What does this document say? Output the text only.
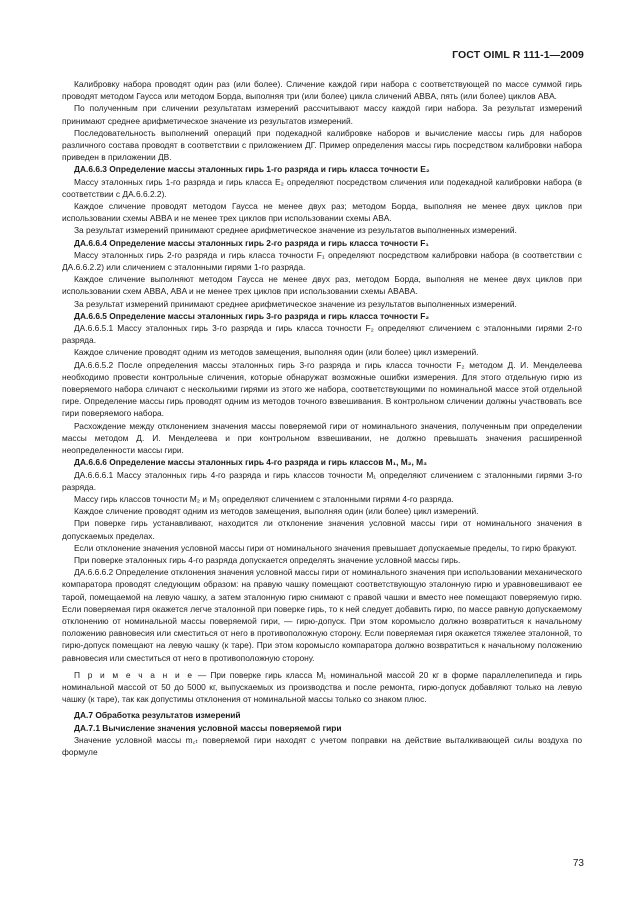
ГОСТ OIML R 111-1—2009

Калибровку набора проводят один раз (или более). Сличение каждой гири набора с соответствующей по массе суммой гирь проводят методом Гаусса или методом Борда, выполняя три (или более) цикла сличений ABBA, пять (или более) циклов ABA.

По полученным при сличении результатам измерений рассчитывают массу каждой гири набора. За результат измерений принимают среднее арифметическое значение из результатов измерений.

Последовательность выполнений операций при подекадной калибровке наборов и вычисление массы гирь для наборов различного состава проводят в соответствии с приложением ДГ. Пример определения массы гирь посредством калибровки набора приведен в приложении ДВ.

ДА.6.6.3 Определение массы эталонных гирь 1-го разряда и гирь класса точности E₂

Массу эталонных гирь 1-го разряда и гирь класса E₂ определяют посредством сличения или подекадной калибровки набора (в соответствии с ДА.6.6.2.2).

Каждое сличение проводят методом Гаусса не менее двух раз; методом Борда, выполняя не менее двух циклов при использовании схемы ABBA и не менее трех циклов при использовании схемы ABA.

За результат измерений принимают среднее арифметическое значение из результатов выполненных измерений.

ДА.6.6.4 Определение массы эталонных гирь 2-го разряда и гирь класса точности F₁

Массу эталонных гирь 2-го разряда и гирь класса точности F₁ определяют посредством калибровки набора (в соответствии с ДА.6.6.2.2) или сличением с эталонными гирями 1-го разряда.

Каждое сличение выполняют методом Гаусса не менее двух раз, методом Борда, выполняя не менее двух циклов при использовании схем ABBA, ABA и не менее трех циклов при использовании схемы ABABA.

За результат измерений принимают среднее арифметическое значение из результатов выполненных измерений.

ДА.6.6.5 Определение массы эталонных гирь 3-го разряда и гирь класса точности F₂

ДА.6.6.5.1 Массу эталонных гирь 3-го разряда и гирь класса точности F₂ определяют сличением с эталонными гирями 2-го разряда.

Каждое сличение проводят одним из методов замещения, выполняя один (или более) цикл измерений.

ДА.6.6.5.2 После определения массы эталонных гирь 3-го разряда и гирь класса точности F₂ методом Д. И. Менделеева необходимо провести контрольные сличения, которые обнаружат возможные ошибки измерения. Для этого отдельную гирю из поверяемого набора сличают с несколькими гирями из этого же набора, соответствующими по номинальной массе этой отдельной гире. Определение массы гирь проводят одним из методов точного взвешивания. В контрольном сличении должны участвовать все гири поверяемого набора.

Расхождение между отклонением значения массы поверяемой гири от номинального значения, полученным при определении массы методом Д. И. Менделеева и при контрольном взвешивании, не должно превышать значения расширенной неопределенности массы гири.

ДА.6.6.6 Определение массы эталонных гирь 4-го разряда и гирь классов M₁, M₂, M₃

ДА.6.6.6.1 Массу эталонных гирь 4-го разряда и гирь классов точности M₁ определяют сличением с эталонными гирями 3-го разряда.

Массу гирь классов точности M₂ и M₃ определяют сличением с эталонными гирями 4-го разряда.

Каждое сличение проводят одним из методов замещения, выполняя один (или более) цикл измерений.

При поверке гирь устанавливают, находится ли отклонение значения условной массы гири от номинального значения в допускаемых пределах.

Если отклонение значения условной массы гири от номинального значения превышает допускаемые пределы, то гирю бракуют.

При поверке эталонных гирь 4-го разряда допускается определять значение условной массы гирь.

ДА.6.6.6.2 Определение отклонения значения условной массы гири от номинального значения при использовании механического компаратора проводят следующим образом: на правую чашку помещают соответствующую эталонную гирю и уравновешивают ее тарой, помещаемой на левую чашку, а затем эталонную гирю снимают с правой чашки и вместо нее помещают поверяемую гирю. Если поверяемая гиря окажется легче эталонной при поверке гирь, то к ней следует добавить гирю, по массе равную допускаемому отклонению от номинальной массы поверяемой гири, — гирю-допуск. При этом коромысло должно возвратиться к начальному положению равновесия или сместиться от него в противоположную сторону. Если поверяемая гиря окажется тяжелее эталонной, то гирю-допуск помещают на левую чашку (к таре). При этом коромысло компаратора должно возвратиться к начальному положению равновесия или сместиться от него в противоположную сторону.

П р и м е ч а н и е — При поверке гирь класса M₁ номинальной массой 20 кг в форме параллелепипеда и гирь номинальной массой от 50 до 5000 кг, выпускаемых из производства и после ремонта, гирю-допуск добавляют только на левую чашку (к таре), так как допустимы отклонения от номинальной массы только со знаком плюс.

ДА.7 Обработка результатов измерений

ДА.7.1 Вычисление значения условной массы поверяемой гири

Значение условной массы m꜀ₜ поверяемой гири находят с учетом поправки на действие выталкивающей силы воздуха по формуле

73
